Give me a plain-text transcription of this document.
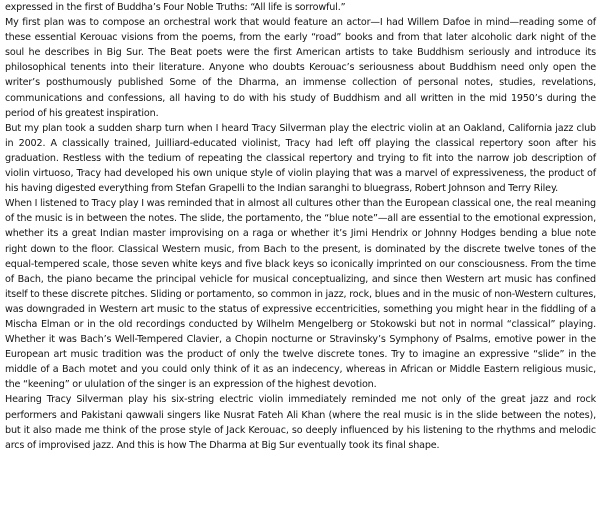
expressed in the first of Buddha’s Four Noble Truths: “All life is sorrowful.”

My first plan was to compose an orchestral work that would feature an actor—I had Willem Dafoe in mind—reading some of these essential Kerouac visions from the poems, from the early “road” books and from that later alcoholic dark night of the soul he describes in Big Sur. The Beat poets were the first American artists to take Buddhism seriously and introduce its philosophical tenents into their literature. Anyone who doubts Kerouac’s seriousness about Buddhism need only open the writer’s posthumously published Some of the Dharma, an immense collection of personal notes, studies, revelations, communications and confessions, all having to do with his study of Buddhism and all written in the mid 1950’s during the period of his greatest inspiration.

But my plan took a sudden sharp turn when I heard Tracy Silverman play the electric violin at an Oakland, California jazz club in 2002. A classically trained, Juilliard-educated violinist, Tracy had left off playing the classical repertory soon after his graduation. Restless with the tedium of repeating the classical repertory and trying to fit into the narrow job description of violin virtuoso, Tracy had developed his own unique style of violin playing that was a marvel of expressiveness, the product of his having digested everything from Stefan Grapelli to the Indian saranghi to bluegrass, Robert Johnson and Terry Riley.

When I listened to Tracy play I was reminded that in almost all cultures other than the European classical one, the real meaning of the music is in between the notes. The slide, the portamento, the “blue note”—all are essential to the emotional expression, whether its a great Indian master improvising on a raga or whether it’s Jimi Hendrix or Johnny Hodges bending a blue note right down to the floor. Classical Western music, from Bach to the present, is dominated by the discrete twelve tones of the equal-tempered scale, those seven white keys and five black keys so iconically imprinted on our consciousness. From the time of Bach, the piano became the principal vehicle for musical conceptualizing, and since then Western art music has confined itself to these discrete pitches. Sliding or portamento, so common in jazz, rock, blues and in the music of non-Western cultures, was downgraded in Western art music to the status of expressive eccentricities, something you might hear in the fiddling of a Mischa Elman or in the old recordings conducted by Wilhelm Mengelberg or Stokowski but not in normal “classical” playing. Whether it was Bach’s Well-Tempered Clavier, a Chopin nocturne or Stravinsky’s Symphony of Psalms, emotive power in the European art music tradition was the product of only the twelve discrete tones. Try to imagine an expressive “slide” in the middle of a Bach motet and you could only think of it as an indecency, whereas in African or Middle Eastern religious music, the “keening” or ululation of the singer is an expression of the highest devotion.

Hearing Tracy Silverman play his six-string electric violin immediately reminded me not only of the great jazz and rock performers and Pakistani qawwali singers like Nusrat Fateh Ali Khan (where the real music is in the slide between the notes), but it also made me think of the prose style of Jack Kerouac, so deeply influenced by his listening to the rhythms and melodic arcs of improvised jazz. And this is how The Dharma at Big Sur eventually took its final shape.
